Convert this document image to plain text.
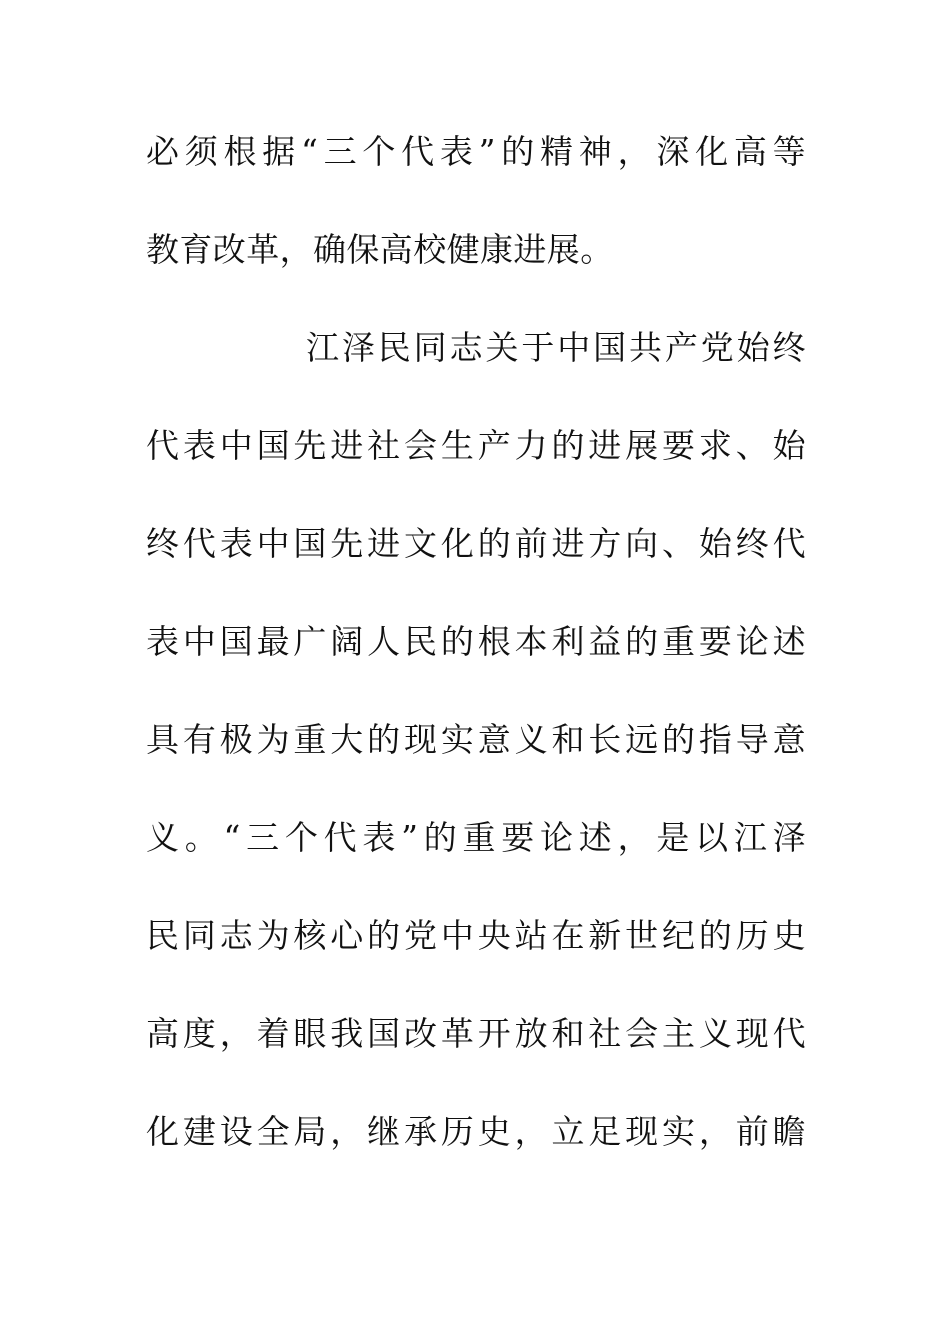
必须根据“三个代表”的精神，深化高等
教育改革，确保高校健康进展。
江泽民同志关于中国共产党始终
代表中国先进社会生产力的进展要求、始
终代表中国先进文化的前进方向、始终代
表中国最广阔人民的根本利益的重要论述
具有极为重大的现实意义和长远的指导意
义。“三个代表”的重要论述，是以江泽
民同志为核心的党中央站在新世纪的历史
高度，着眼我国改革开放和社会主义现代
化建设全局，继承历史，立足现实，前瞻
